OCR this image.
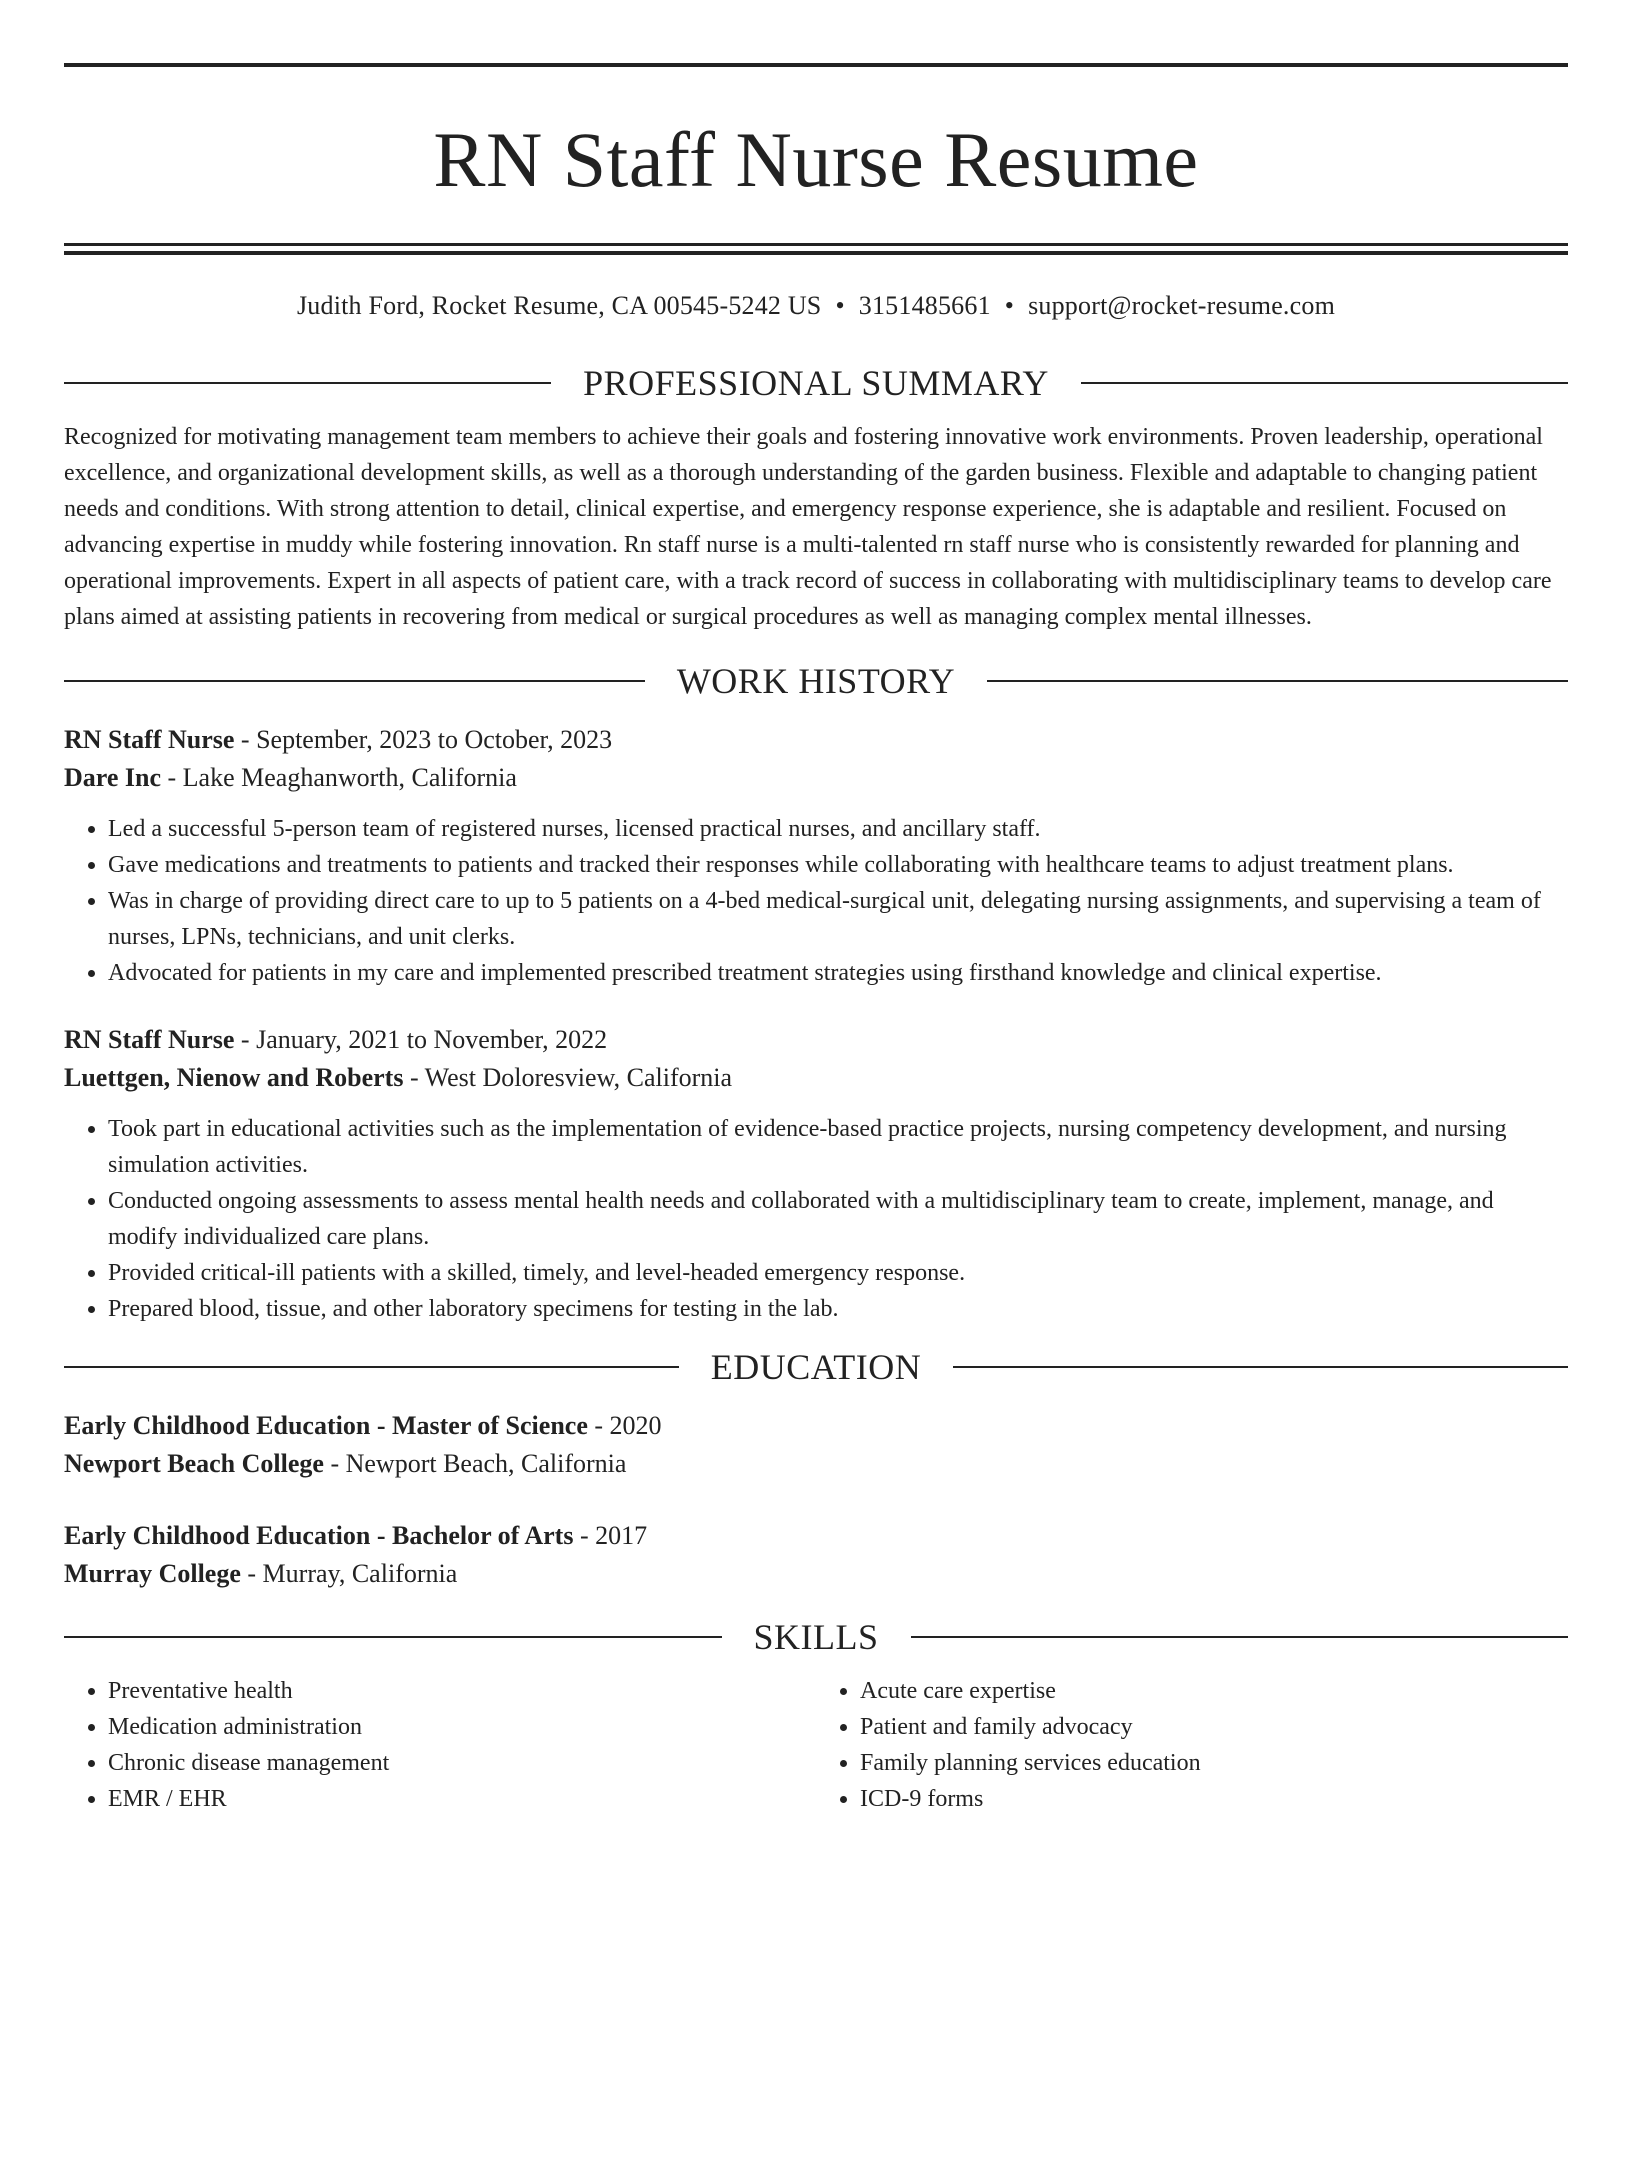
RN Staff Nurse Resume
Judith Ford, Rocket Resume, CA 00545-5242 US • 3151485661 • support@rocket-resume.com
PROFESSIONAL SUMMARY

Recognized for motivating management team members to achieve their goals and fostering innovative work environments. Proven leadership, operational excellence, and organizational development skills, as well as a thorough understanding of the garden business. Flexible and adaptable to changing patient needs and conditions. With strong attention to detail, clinical expertise, and emergency response experience, she is adaptable and resilient. Focused on advancing expertise in muddy while fostering innovation. Rn staff nurse is a multi-talented rn staff nurse who is consistently rewarded for planning and operational improvements. Expert in all aspects of patient care, with a track record of success in collaborating with multidisciplinary teams to develop care plans aimed at assisting patients in recovering from medical or surgical procedures as well as managing complex mental illnesses.

WORK HISTORY

RN Staff Nurse - September, 2023 to October, 2023

Dare Inc - Lake Meaghanworth, California

• Led a successful 5-person team of registered nurses, licensed practical nurses, and ancillary staff.
• Gave medications and treatments to patients and tracked their responses while collaborating with healthcare teams to adjust treatment plans.
• Was in charge of providing direct care to up to 5 patients on a 4-bed medical-surgical unit, delegating nursing assignments, and supervising a team of nurses, LPNs, technicians, and unit clerks.
• Advocated for patients in my care and implemented prescribed treatment strategies using firsthand knowledge and clinical expertise.

RN Staff Nurse - January, 2021 to November, 2022

Luettgen, Nienow and Roberts - West Doloresview, California

• Took part in educational activities such as the implementation of evidence-based practice projects, nursing competency development, and nursing simulation activities.
• Conducted ongoing assessments to assess mental health needs and collaborated with a multidisciplinary team to create, implement, manage, and modify individualized care plans.
• Provided critical-ill patients with a skilled, timely, and level-headed emergency response.
• Prepared blood, tissue, and other laboratory specimens for testing in the lab.
EDUCATION

Early Childhood Education - Master of Science - 2020

Newport Beach College - Newport Beach, California

Early Childhood Education - Bachelor of Arts - 2017

Murray College - Murray, California

SKILLS
• Preventative health
• Medication administration
• Chronic disease management
• EMR / EHR
• Acute care expertise
• Patient and family advocacy
• Family planning services education
• ICD-9 forms
